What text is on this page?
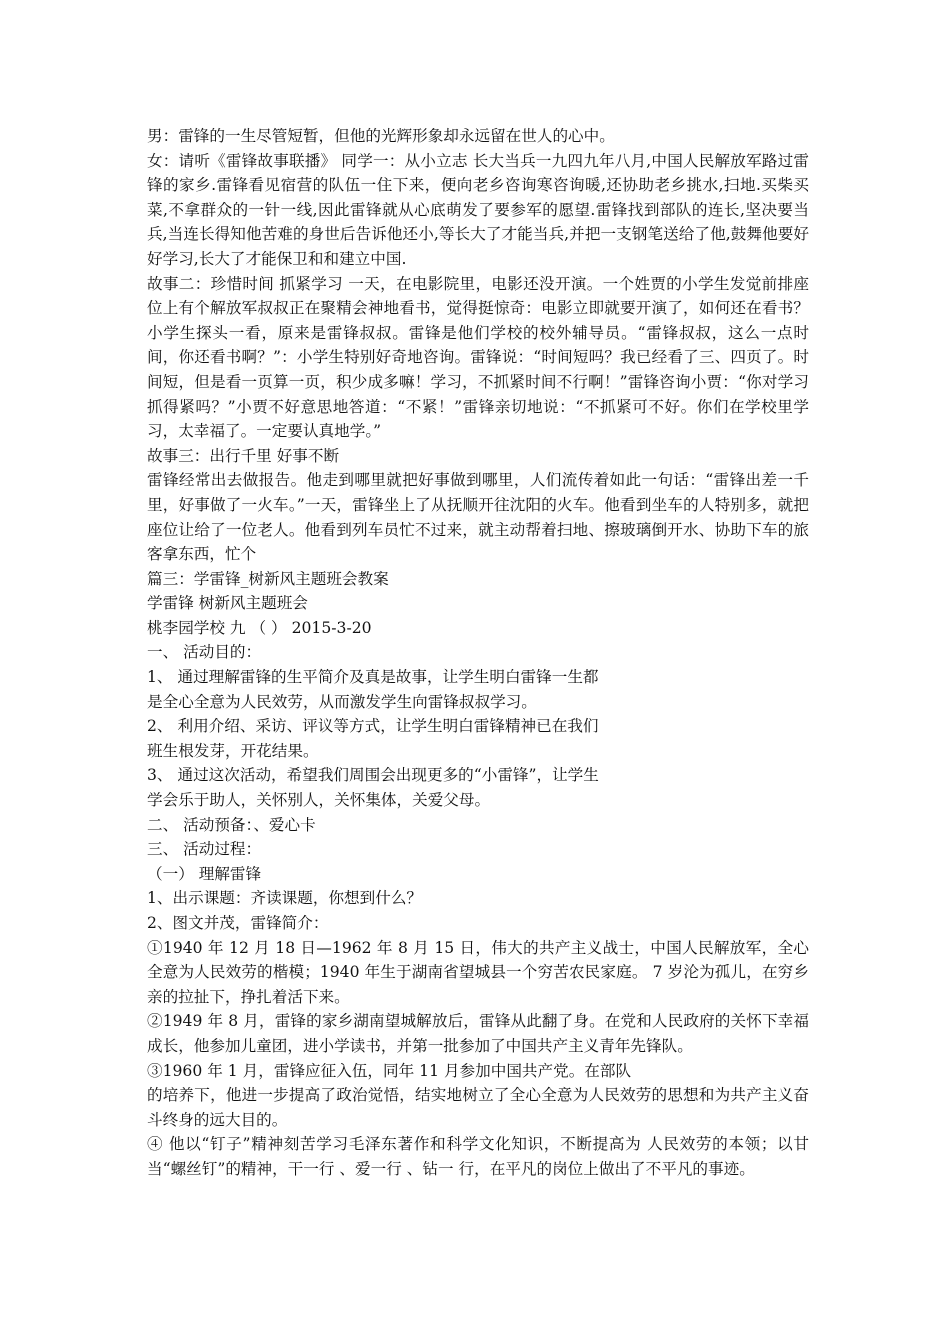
男：雷锋的一生尽管短暂，但他的光辉形象却永远留在世人的心中。

女：请听《雷锋故事联播》 同学一：从小立志 长大当兵一九四九年八月,中国人民解放军路过雷锋的家乡.雷锋看见宿营的队伍一住下来，便向老乡咨询寒咨询暖,还协助老乡挑水,扫地.买柴买菜,不拿群众的一针一线,因此雷锋就从心底萌发了要参军的愿望.雷锋找到部队的连长,坚决要当兵,当连长得知他苦难的身世后告诉他还小,等长大了才能当兵,并把一支钢笔送给了他,鼓舞他要好好学习,长大了才能保卫和和建立中国.

故事二：珍惜时间 抓紧学习 一天，在电影院里，电影还没开演。一个姓贾的小学生发觉前排座位上有个解放军叔叔正在聚精会神地看书，觉得挺惊奇：电影立即就要开演了，如何还在看书？小学生探头一看，原来是雷锋叔叔。雷锋是他们学校的校外辅导员。“雷锋叔叔，这么一点时间，你还看书啊？”：小学生特别好奇地咨询。雷锋说：“时间短吗？我已经看了三、四页了。时间短，但是看一页算一页，积少成多嘛！学习，不抓紧时间不行啊！”雷锋咨询小贾：“你对学习抓得紧吗？”小贾不好意思地答道：“不紧！”雷锋亲切地说：“不抓紧可不好。你们在学校里学习，太幸福了。一定要认真地学。”

故事三：出行千里 好事不断

雷锋经常出去做报告。他走到哪里就把好事做到哪里，人们流传着如此一句话：“雷锋出差一千里，好事做了一火车。”一天，雷锋坐上了从抚顺开往沈阳的火车。他看到坐车的人特别多，就把座位让给了一位老人。他看到列车员忙不过来，就主动帮着扫地、擦玻璃倒开水、协助下车的旅客拿东西，忙个

篇三：学雷锋_树新风主题班会教案

学雷锋 树新风主题班会

桃李园学校 九 （ ） 2015-3-20

一、 活动目的：

1、 通过理解雷锋的生平简介及真是故事，让学生明白雷锋一生都

是全心全意为人民效劳，从而激发学生向雷锋叔叔学习。

2、 利用介绍、采访、评议等方式，让学生明白雷锋精神已在我们

班生根发芽，开花结果。

3、 通过这次活动，希望我们周围会出现更多的“小雷锋”，让学生

学会乐于助人，关怀别人，关怀集体，关爱父母。

二、 活动预备：、爱心卡

三、 活动过程：

（一） 理解雷锋

1、出示课题：齐读课题，你想到什么？

2、图文并茂，雷锋简介：

①1940 年 12 月 18 日—1962 年 8 月 15 日，伟大的共产主义战士，中国人民解放军，全心全意为人民效劳的楷模；1940 年生于湖南省望城县一个穷苦农民家庭。 7 岁沦为孤儿，在穷乡亲的拉扯下，挣扎着活下来。

②1949 年 8 月，雷锋的家乡湖南望城解放后，雷锋从此翻了身。在党和人民政府的关怀下幸福成长，他参加儿童团，进小学读书，并第一批参加了中国共产主义青年先锋队。

③1960 年 1 月，雷锋应征入伍，同年 11 月参加中国共产党。在部队

的培养下，他进一步提高了政治觉悟，结实地树立了全心全意为人民效劳的思想和为共产主义奋斗终身的远大目的。

④ 他以“钉子”精神刻苦学习毛泽东著作和科学文化知识，不断提高为 人民效劳的本领；以甘当“螺丝钉”的精神，干一行 、爱一行 、钻一 行，在平凡的岗位上做出了不平凡的事迹。
